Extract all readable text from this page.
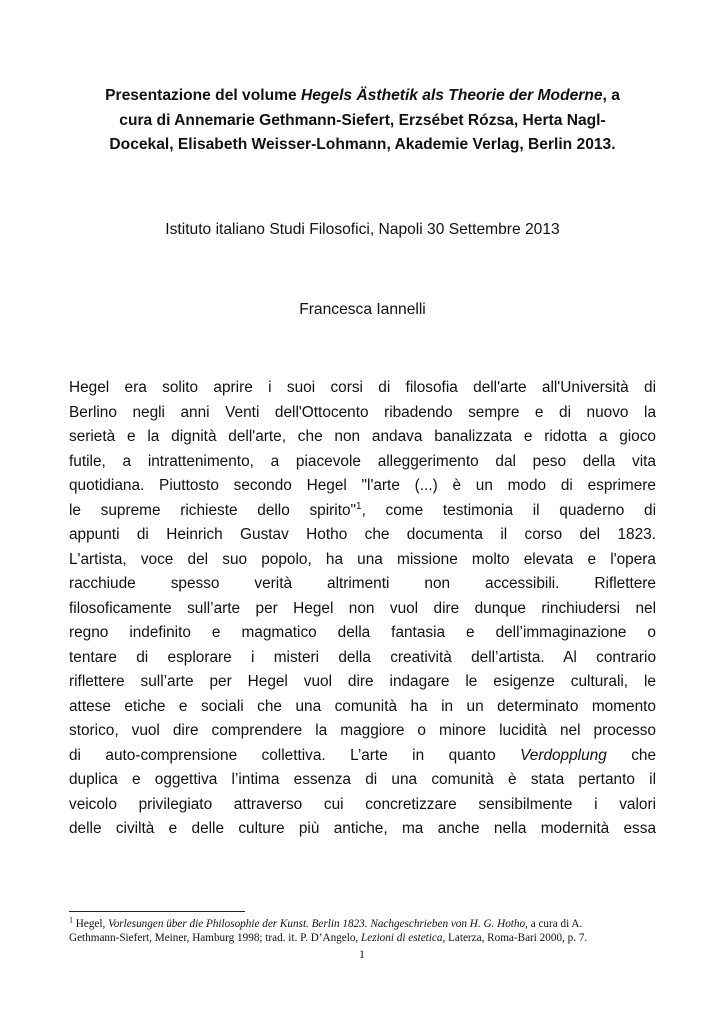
Presentazione del volume Hegels Ästhetik als Theorie der Moderne, a
cura di Annemarie Gethmann-Siefert, Erzsébet Rózsa, Herta Nagl-
Docekal, Elisabeth Weisser-Lohmann, Akademie Verlag, Berlin 2013.

Istituto italiano Studi Filosofici, Napoli 30 Settembre 2013

Francesca Iannelli

Hegel era solito aprire i suoi corsi di filosofia dell'arte all'Università di
Berlino negli anni Venti dell'Ottocento ribadendo sempre e di nuovo la
serietà e la dignità dell'arte, che non andava banalizzata e ridotta a gioco
futile, a intrattenimento, a piacevole alleggerimento dal peso della vita
quotidiana. Piuttosto secondo Hegel "l'arte (...) è un modo di esprimere
le supreme richieste dello spirito"$^1$, come testimonia il quaderno di
appunti di Heinrich Gustav Hotho che documenta il corso del 1823.
L'artista, voce del suo popolo, ha una missione molto elevata e l'opera
racchiude spesso verità altrimenti non accessibili. Riflettere
filosoficamente sull’arte per Hegel non vuol dire dunque rinchiudersi nel
regno indefinito e magmatico della fantasia e dell’immaginazione o
tentare di esplorare i misteri della creatività dell’artista. Al contrario
riflettere sull’arte per Hegel vuol dire indagare le esigenze culturali, le
attese etiche e sociali che una comunità ha in un determinato momento
storico, vuol dire comprendere la maggiore o minore lucidità nel processo
di auto-comprensione collettiva. L’arte in quanto Verdopplung che
duplica e oggettiva l’intima essenza di una comunità è stata pertanto il
veicolo privilegiato attraverso cui concretizzare sensibilmente i valori
delle civiltà e delle culture più antiche, ma anche nella modernità essa

$^1$ Hegel, Vorlesungen über die Philosophie der Kunst. Berlin 1823. Nachgeschrieben von H. G. Hotho, a cura di A.
Gethmann-Siefert, Meiner, Hamburg 1998; trad. it. P. D’Angelo, Lezioni di estetica, Laterza, Roma-Bari 2000, p. 7.

1
